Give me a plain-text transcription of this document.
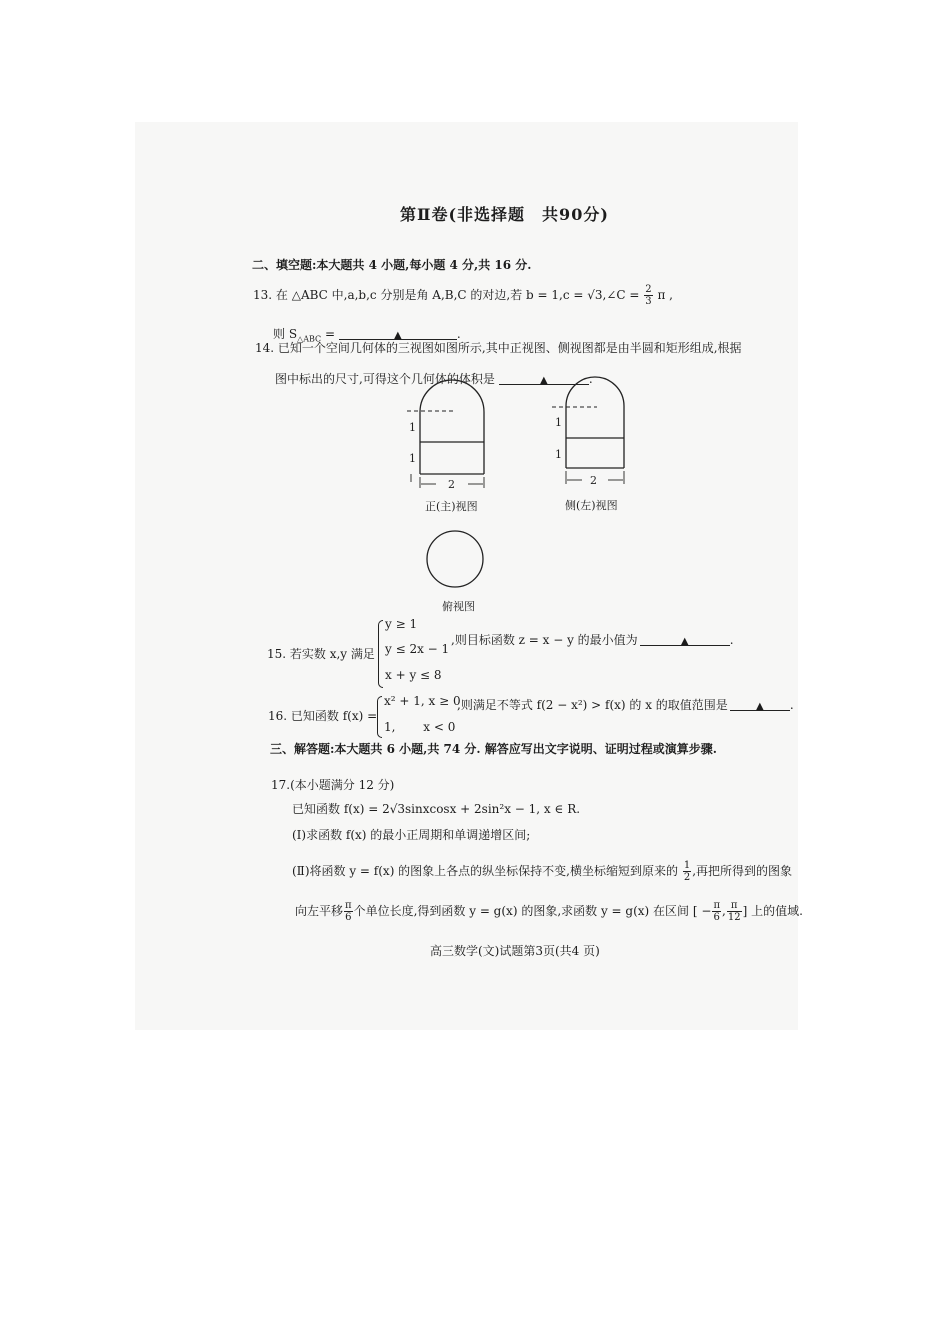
第Ⅱ卷(非选择题　共90分)
二、填空题:本大题共 4 小题,每小题 4 分,共 16 分.
13. 在 △ABC 中,a,b,c 分别是角 A,B,C 的对边,若 b = 1,c = √3,∠C = $\frac{2}{3}$ π ,
则 $S_{\triangle ABC}$ =	▲	.
14. 已知一个空间几何体的三视图如图所示,其中正视图、侧视图都是由半圆和矩形组成,根据
图中标出的尺寸,可得这个几何体的体积是	▲	.
1
1
2
1
1
2
正(主)视图	侧(左)视图
俯视图
15. 若实数 x,y 满足
y ≥ 1
y ≤ 2x − 1
x + y ≤ 8
,则目标函数 z = x − y 的最小值为	▲	.
16. 已知函数 f(x) =
x² + 1, x ≥ 0
1,　　 x < 0
,则满足不等式 f(2 − x²) > f(x) 的 x 的取值范围是	▲ .
三、解答题:本大题共 6 小题,共 74 分. 解答应写出文字说明、证明过程或演算步骤.
17.(本小题满分 12 分)
已知函数 f(x) = 2√3sinxcosx + 2sin²x − 1, x ∈ R.
(Ⅰ)求函数 f(x) 的最小正周期和单调递增区间;
(Ⅱ)将函数 y = f(x) 的图象上各点的纵坐标保持不变,横坐标缩短到原来的 $\frac{1}{2}$ ,再把所得到的图象
向左平移 $\frac{\pi}{6}$ 个单位长度,得到函数 y = g(x) 的图象,求函数 y = g(x) 在区间 [ − $\frac{\pi}{6}$ , $\frac{\pi}{12}$ ] 上的值域.
高三数学(文)试题第3页(共4 页)
